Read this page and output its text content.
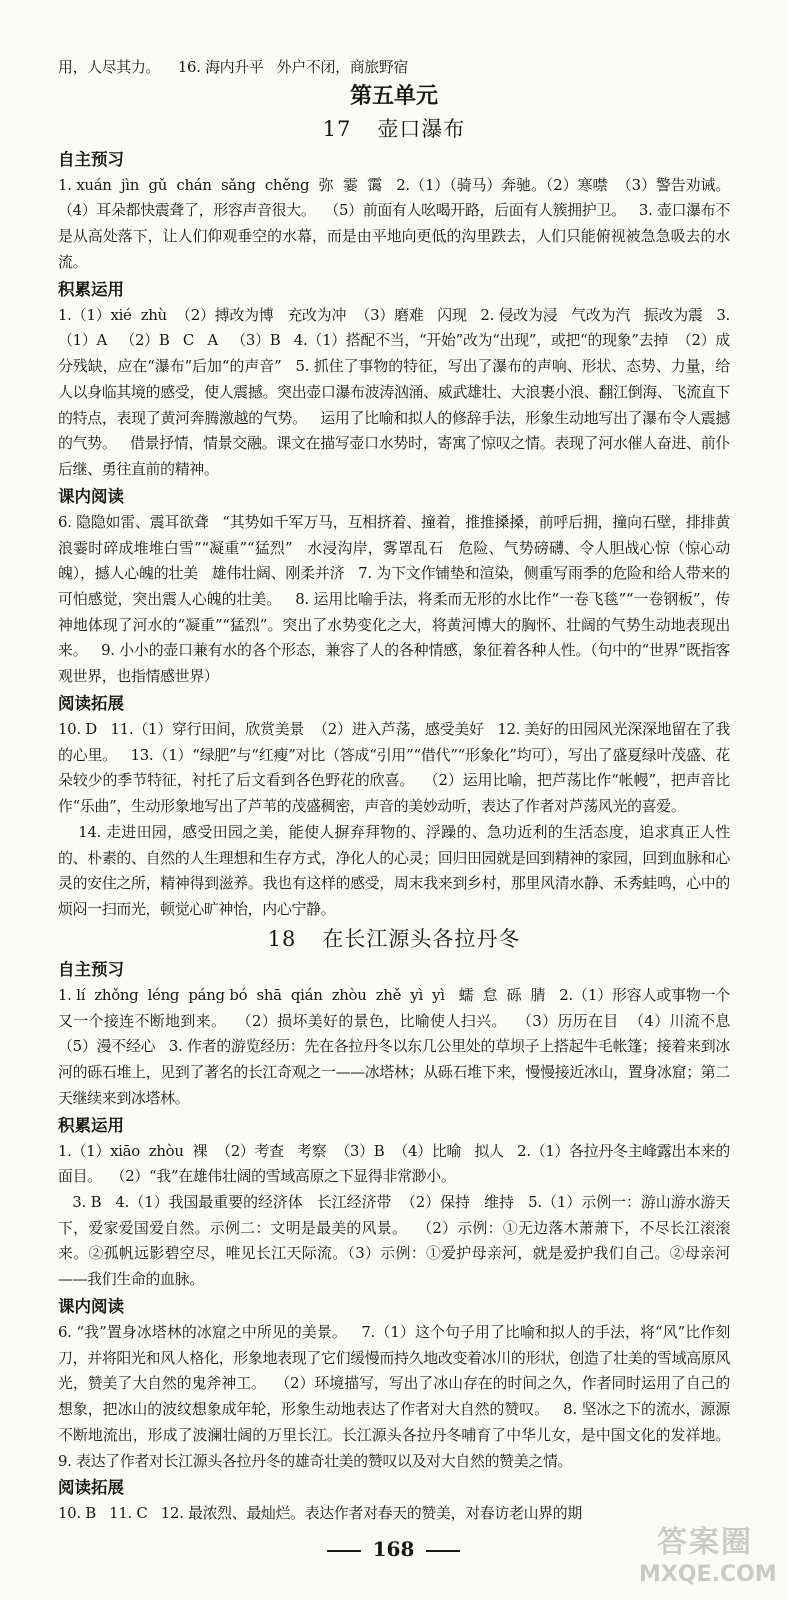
用，人尽其力。    16. 海内升平   外户不闭，商旅野宿

第五单元

17 壶口瀑布

自主预习

1. xuán  jìn  gǔ  chán  sǎng  chěng  弥  霎  霭   2.（1）（骑马）奔驰。（2）寒噤  （3）警告劝诫。  （4）耳朵都快震聋了，形容声音很大。  （5）前面有人吆喝开路，后面有人簇拥护卫。   3. 壶口瀑布不是从高处落下，让人们仰观垂空的水幕，而是由平地向更低的沟里跌去，人们只能俯视被急急吸去的水流。

积累运用

1.（1）xié  zhù  （2）搏改为博   充改为冲  （3）磨难   闪现   2. 侵改为浸   气改为汽   振改为震   3.（1）A   （2）B   C   A   （3）B   4.（1）搭配不当，“开始”改为“出现”，或把“的现象”去掉  （2）成分残缺，应在“瀑布”后加“的声音”   5. 抓住了事物的特征，写出了瀑布的声响、形状、态势、力量，给人以身临其境的感受，使人震撼。突出壶口瀑布波涛汹涌、威武雄壮、大浪裹小浪、翻江倒海、飞流直下的特点，表现了黄河奔腾激越的气势。   运用了比喻和拟人的修辞手法，形象生动地写出了瀑布令人震撼的气势。   借景抒情，情景交融。课文在描写壶口水势时，寄寓了惊叹之情。表现了河水催人奋进、前仆后继、勇往直前的精神。

课内阅读

6. 隐隐如雷、震耳欲聋   “其势如千军万马，互相挤着、撞着，推推搡搡，前呼后拥，撞向石壁，排排黄浪霎时碎成堆堆白雪”“凝重”“猛烈”   水浸沟岸，雾罩乱石   危险、气势磅礴、令人胆战心惊（惊心动魄），撼人心魄的壮美   雄伟壮阔、刚柔并济   7. 为下文作铺垫和渲染，侧重写雨季的危险和给人带来的可怕感觉，突出震人心魄的壮美。   8. 运用比喻手法，将柔而无形的水比作“一卷飞毯”“一卷钢板”，传神地体现了河水的“凝重”“猛烈”。突出了水势变化之大，将黄河博大的胸怀、壮阔的气势生动地表现出来。   9. 小小的壶口兼有水的各个形态，兼容了人的各种情感，象征着各种人性。（句中的“世界”既指客观世界，也指情感世界）

阅读拓展

10. D   11.（1）穿行田间，欣赏美景  （2）进入芦荡，感受美好   12. 美好的田园风光深深地留在了我的心里。   13.（1）“绿肥”与“红瘦”对比（答成“引用”“借代”“形象化”均可），写出了盛夏绿叶茂盛、花朵较少的季节特征，衬托了后文看到各色野花的欣喜。  （2）运用比喻，把芦荡比作“帐幔”，把声音比作“乐曲”，生动形象地写出了芦苇的茂盛稠密，声音的美妙动听，表达了作者对芦荡风光的喜爱。

14. 走进田园，感受田园之美，能使人摒弃拜物的、浮躁的、急功近利的生活态度，追求真正人性的、朴素的、自然的人生理想和生存方式，净化人的心灵；回归田园就是回到精神的家园，回到血脉和心灵的安住之所，精神得到滋养。我也有这样的感受，周末我来到乡村，那里风清水静、禾秀蛙鸣，心中的烦闷一扫而光，顿觉心旷神怡，内心宁静。

18 在长江源头各拉丹冬

自主预习

1. lí  zhǒng  léng  páng bó  shā  qián  zhòu  zhě  yì  yì   蠕  怠  砾  腈   2.（1）形容人或事物一个又一个接连不断地到来。  （2）损坏美好的景色，比喻使人扫兴。  （3）历历在目  （4）川流不息  （5）漫不经心   3. 作者的游览经历：先在各拉丹冬以东几公里处的草坝子上搭起牛毛帐篷；接着来到冰河的砾石堆上，见到了著名的长江奇观之一——冰塔林；从砾石堆下来，慢慢接近冰山，置身冰窟；第二天继续来到冰塔林。

积累运用

1.（1）xiāo  zhòu  裸  （2）考查   考察  （3）B  （4）比喻   拟人   2.（1）各拉丹冬主峰露出本来的面目。  （2）“我”在雄伟壮阔的雪域高原之下显得非常渺小。

3. B   4.（1）我国最重要的经济体   长江经济带  （2）保持   维持   5.（1）示例一：游山游水游天下，爱家爱国爱自然。示例二：文明是最美的风景。  （2）示例：①无边落木萧萧下，不尽长江滚滚来。②孤帆远影碧空尽，唯见长江天际流。（3）示例：①爱护母亲河，就是爱护我们自己。②母亲河——我们生命的血脉。

课内阅读

6. “我”置身冰塔林的冰窟之中所见的美景。   7.（1）这个句子用了比喻和拟人的手法，将“风”比作刻刀，并将阳光和风人格化，形象地表现了它们缓慢而持久地改变着冰川的形状，创造了壮美的雪域高原风光，赞美了大自然的鬼斧神工。  （2）环境描写，写出了冰山存在的时间之久，作者同时运用了自己的想象，把冰山的波纹想象成年轮，形象生动地表达了作者对大自然的赞叹。   8. 坚冰之下的流水，源源不断地流出，形成了波澜壮阔的万里长江。长江源头各拉丹冬哺育了中华儿女，是中国文化的发祥地。   9. 表达了作者对长江源头各拉丹冬的雄奇壮美的赞叹以及对大自然的赞美之情。

阅读拓展

10. B   11. C   12. 最浓烈、最灿烂。表达作者对春天的赞美，对春访老山界的期

168	答案圈
MXQE.COM
